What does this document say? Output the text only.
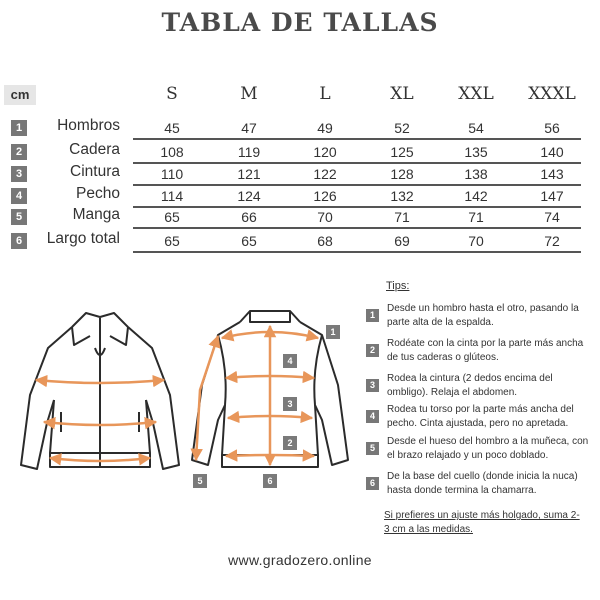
TABLA DE TALLAS
cm	S	M	L	XL	XXL	XXXL
1	Hombros	45	47	49	52	54	56
2	Cadera	108	119	120	125	135	140
3	Cintura	110	121	122	128	138	143
4	Pecho	114	124	126	132	142	147
5	Manga	65	66	70	71	71	74
6	Largo total	65	65	68	69	70	72
1
4
3
2
5	6
Tips:
1
Desde un hombro hasta el otro, pasando la parte alta de la espalda.
2
Rodéate con la cinta por la parte más ancha de tus caderas o glúteos.
3
Rodea la cintura (2 dedos encima del ombligo). Relaja el abdomen.
4
Rodea tu torso por la parte más ancha del pecho. Cinta ajustada, pero no apretada.
5
Desde el hueso del hombro a la muñeca, con el brazo relajado y un poco doblado.
6
De la base del cuello (donde inicia la nuca) hasta donde termina la chamarra.
Si prefieres un ajuste más holgado, suma 2-3 cm a las medidas.
www.gradozero.online
